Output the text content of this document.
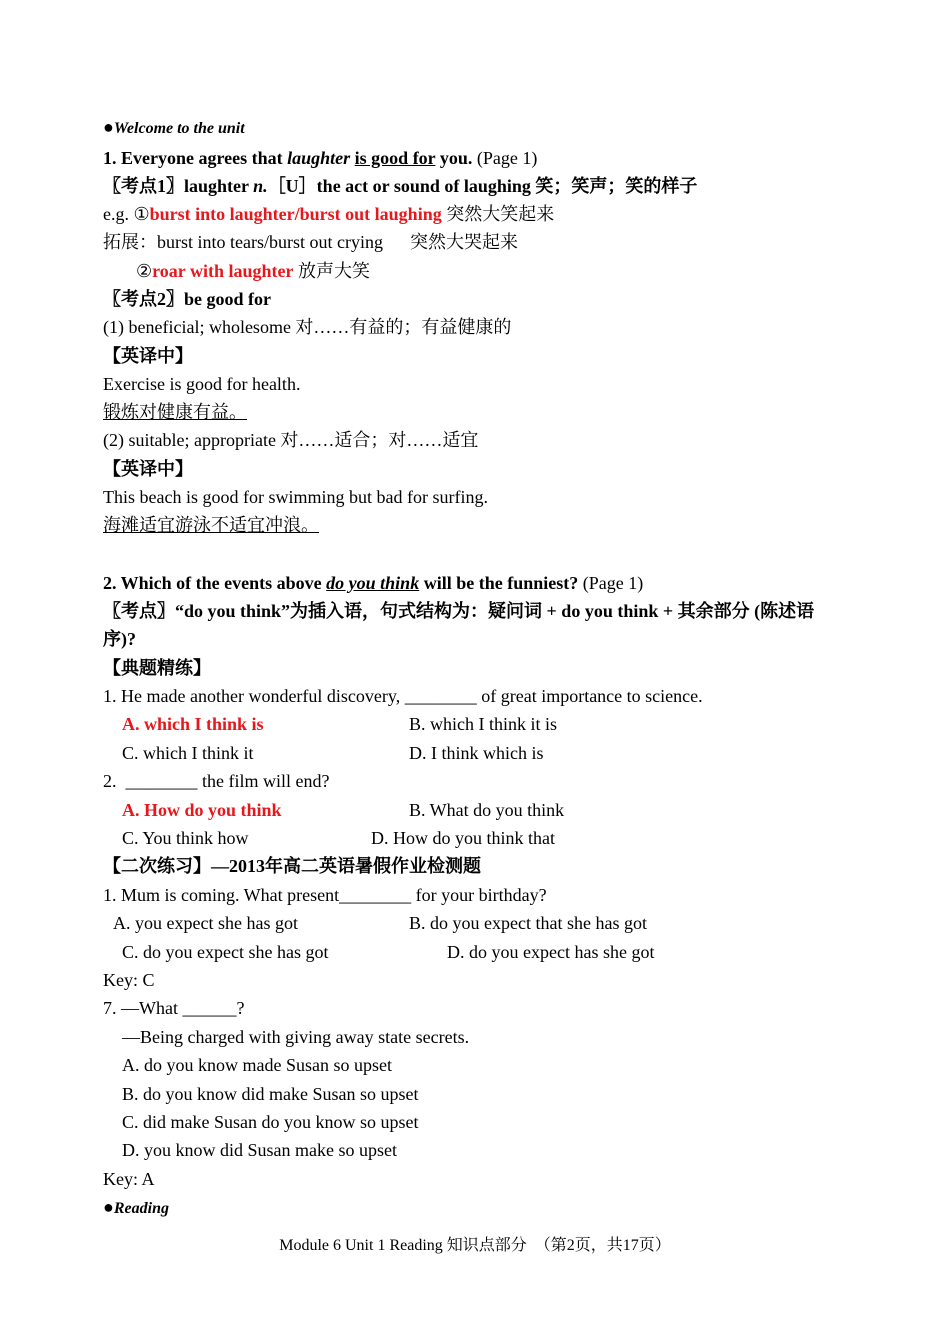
●Welcome to the unit
1. Everyone agrees that laughter is good for you. (Page 1)
〖考点1〗laughter n.［U］the act or sound of laughing 笑；笑声；笑的样子
e.g. ①burst into laughter/burst out laughing 突然大笑起来
拓展：burst into tears/burst out crying      突然大哭起来
②roar with laughter 放声大笑
〖考点2〗be good for
(1) beneficial; wholesome 对……有益的；有益健康的
【英译中】
Exercise is good for health.
锻炼对健康有益。
(2) suitable; appropriate 对……适合；对……适宜
【英译中】
This beach is good for swimming but bad for surfing.
海滩适宜游泳不适宜冲浪。
2. Which of the events above do you think will be the funniest? (Page 1)
〖考点〗“do you think”为插入语，句式结构为：疑问词 + do you think + 其余部分 (陈述语
序)?
【典题精练】
1. He made another wonderful discovery, ________ of great importance to science.
A. which I think is	B. which I think it is
C. which I think it	D. I think which is
2.  ________ the film will end?
A. How do you think	B. What do you think
C. You think how	D. How do you think that
【二次练习】—2013年高二英语暑假作业检测题
1. Mum is coming. What present________ for your birthday?
A. you expect she has got	B. do you expect that she has got
C. do you expect she has got	D. do you expect has she got
Key: C
7. —What ______?
—Being charged with giving away state secrets.
A. do you know made Susan so upset
B. do you know did make Susan so upset
C. did make Susan do you know so upset
D. you know did Susan make so upset
Key: A
●Reading
Module 6 Unit 1 Reading 知识点部分  （第2页，共17页）
